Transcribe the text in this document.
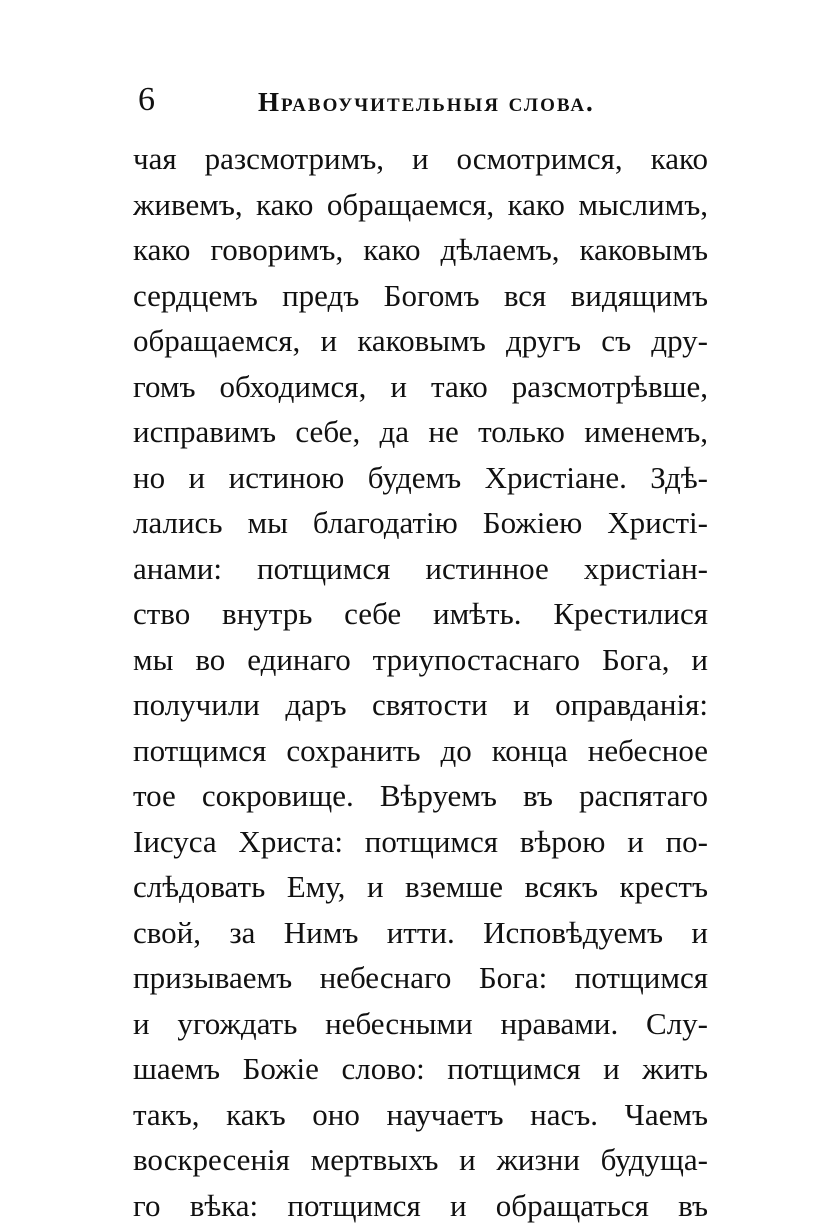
6	Нравоучительныя слова.
чая разсмотримъ, и осмотримся, како
живемъ, како обращаемся, како мыслимъ,
како говоримъ, како дѣлаемъ, каковымъ
сердцемъ предъ Богомъ вся видящимъ
обращаемся, и каковымъ другъ съ дру-
гомъ обходимся, и тако разсмотрѣвше,
исправимъ себе, да не только именемъ,
но и истиною будемъ Христіане. Здѣ-
лались мы благодатію Божіею Христі-
анами: потщимся истинное христіан-
ство внутрь себе имѣть. Крестилися
мы во единаго триупостаснаго Бога, и
получили даръ святости и оправданія:
потщимся сохранить до конца небесное
тое сокровище. Вѣруемъ въ распятаго
Іисуса Христа: потщимся вѣрою и по-
слѣдовать Ему, и вземше всякъ крестъ
свой, за Нимъ итти. Исповѣдуемъ и
призываемъ небеснаго Бога: потщимся
и угождать небесными нравами. Слу-
шаемъ Божіе слово: потщимся и жить
такъ, какъ оно научаетъ насъ. Чаемъ
воскресенія мертвыхъ и жизни будуща-
го вѣка: потщимся и обращаться въ
